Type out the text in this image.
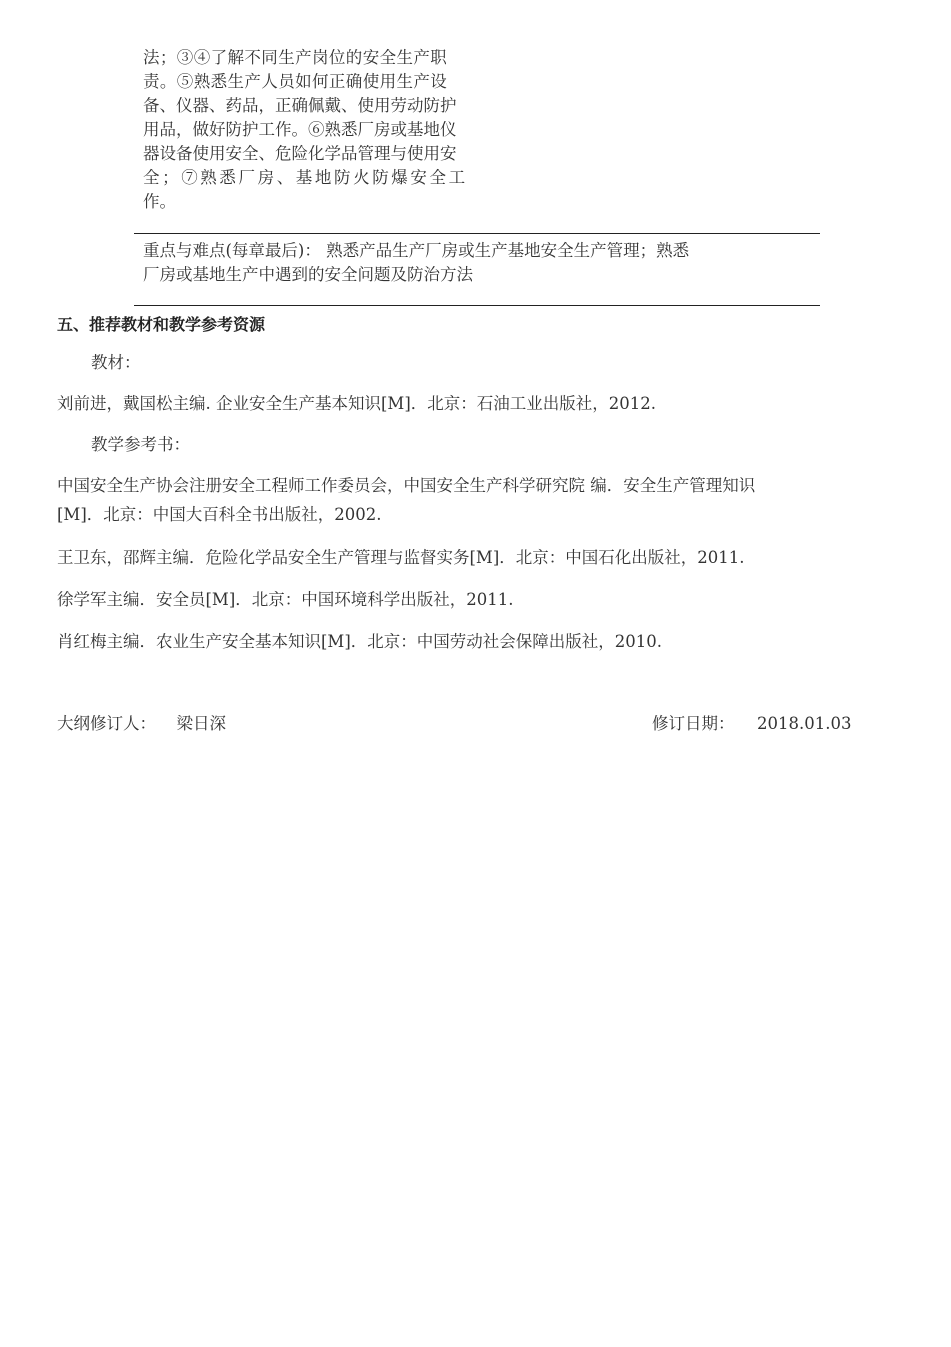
法；③④了解不同生产岗位的安全生产职
责。⑤熟悉生产人员如何正确使用生产设
备、仪器、药品，正确佩戴、使用劳动防护
用品，做好防护工作。⑥熟悉厂房或基地仪
器设备使用安全、危险化学品管理与使用安
全；⑦熟悉厂房、基地防火防爆安全工
作。
重点与难点(每章最后)： 熟悉产品生产厂房或生产基地安全生产管理；熟悉
厂房或基地生产中遇到的安全问题及防治方法
五、推荐教材和教学参考资源
教材：
刘前进，戴国松主编. 企业安全生产基本知识[M]．北京：石油工业出版社，2012.
教学参考书：
中国安全生产协会注册安全工程师工作委员会，中国安全生产科学研究院 编．安全生产管理知识
[M]．北京：中国大百科全书出版社，2002.
王卫东，邵辉主编．危险化学品安全生产管理与监督实务[M]．北京：中国石化出版社，2011.
徐学军主编．安全员[M]．北京：中国环境科学出版社，2011.
肖红梅主编．农业生产安全基本知识[M]．北京：中国劳动社会保障出版社，2010.
大纲修订人： 梁日深	修订日期： 2018.01.03
